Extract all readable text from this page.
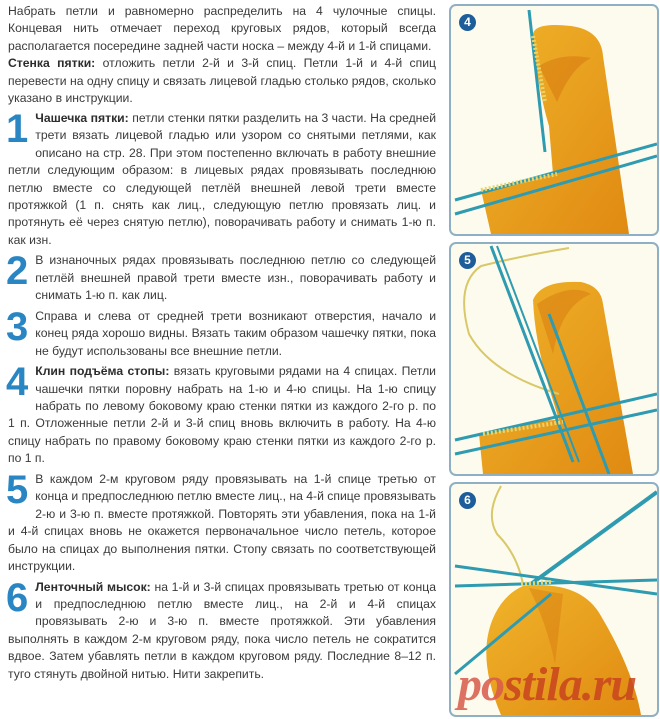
Набрать петли и равномерно распределить на 4 чулочные спицы. Концевая нить отмечает переход круговых рядов, который всегда располагается посередине задней части носка – между 4-й и 1-й спицами.

Стенка пятки: отложить петли 2-й и 3-й спиц. Петли 1-й и 4-й спиц перевести на одну спицу и связать лицевой гладью столько рядов, сколько указано в инструкции.

1 Чашечка пятки: петли стенки пятки разделить на 3 части. На средней трети вязать лицевой гладью или узором со снятыми петлями, как описано на стр. 28. При этом постепенно включать в работу внешние петли следующим образом: в лицевых рядах провязывать последнюю петлю вместе со следующей петлёй внешней левой трети вместе протяжкой (1 п. снять как лиц., следующую петлю провязать лиц. и протянуть её через снятую петлю), поворачивать работу и снимать 1-ю п. как изн.
2 В изнаночных рядах провязывать последнюю петлю со следующей петлёй внешней правой трети вместе изн., поворачивать работу и снимать 1-ю п. как лиц.
3 Справа и слева от средней трети возникают отверстия, начало и конец ряда хорошо видны. Вязать таким образом чашечку пятки, пока не будут использованы все внешние петли.
4 Клин подъёма стопы: вязать круговыми рядами на 4 спицах. Петли чашечки пятки поровну набрать на 1-ю и 4-ю спицы. На 1-ю спицу набрать по левому боковому краю стенки пятки из каждого 2-го р. по 1 п. Отложенные петли 2-й и 3-й спиц вновь включить в работу. На 4-ю спицу набрать по правому боковому краю стенки пятки из каждого 2-го р. по 1 п.
5 В каждом 2-м круговом ряду провязывать на 1-й спице третью от конца и предпоследнюю петлю вместе лиц., на 4-й спице провязывать 2-ю и 3-ю п. вместе протяжкой. Повторять эти убавления, пока на 1-й и 4-й спицах вновь не окажется первоначальное число петель, которое было на спицах до выполнения пятки. Стопу связать по соответствующей инструкции.
6 Ленточный мысок: на 1-й и 3-й спицах провязывать третью от конца и предпоследнюю петлю вместе лиц., на 2-й и 4-й спицах провязывать 2-ю и 3-ю п. вместе протяжкой. Эти убавления выполнять в каждом 2-м круговом ряду, пока число петель не сократится вдвое. Затем убавлять петли в каждом круговом ряду. Последние 8–12 п. туго стянуть двойной нитью. Нити закрепить.
4
5
6
postila.ru
